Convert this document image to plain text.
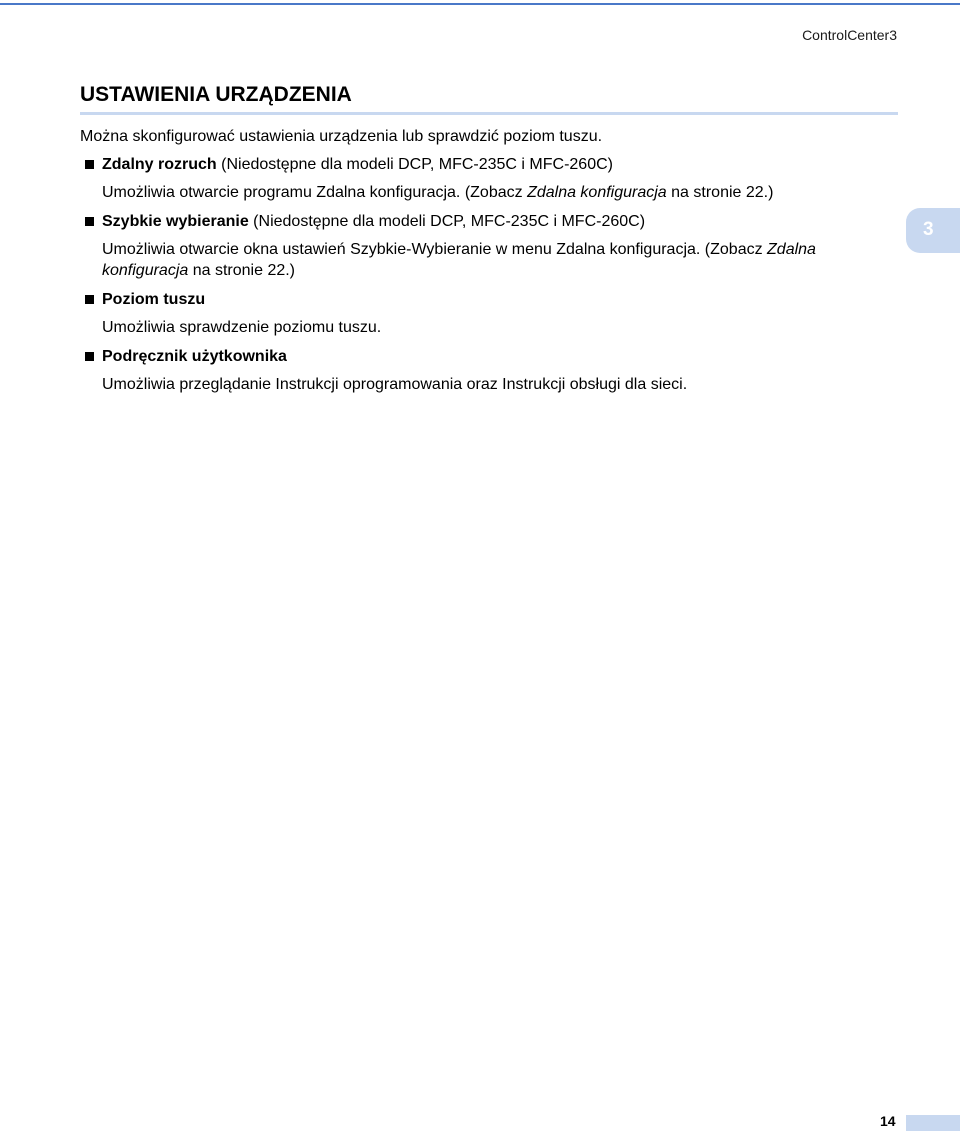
ControlCenter3
USTAWIENIA URZĄDZENIA

Można skonfigurować ustawienia urządzenia lub sprawdzić poziom tuszu.

Zdalny rozruch (Niedostępne dla modeli DCP, MFC-235C i MFC-260C)

Umożliwia otwarcie programu Zdalna konfiguracja. (Zobacz Zdalna konfiguracja na stronie 22.)

Szybkie wybieranie (Niedostępne dla modeli DCP, MFC-235C i MFC-260C)

Umożliwia otwarcie okna ustawień Szybkie-Wybieranie w menu Zdalna konfiguracja. (Zobacz Zdalna konfiguracja na stronie 22.)

Poziom tuszu

Umożliwia sprawdzenie poziomu tuszu.

Podręcznik użytkownika

Umożliwia przeglądanie Instrukcji oprogramowania oraz Instrukcji obsługi dla sieci.

3
14
